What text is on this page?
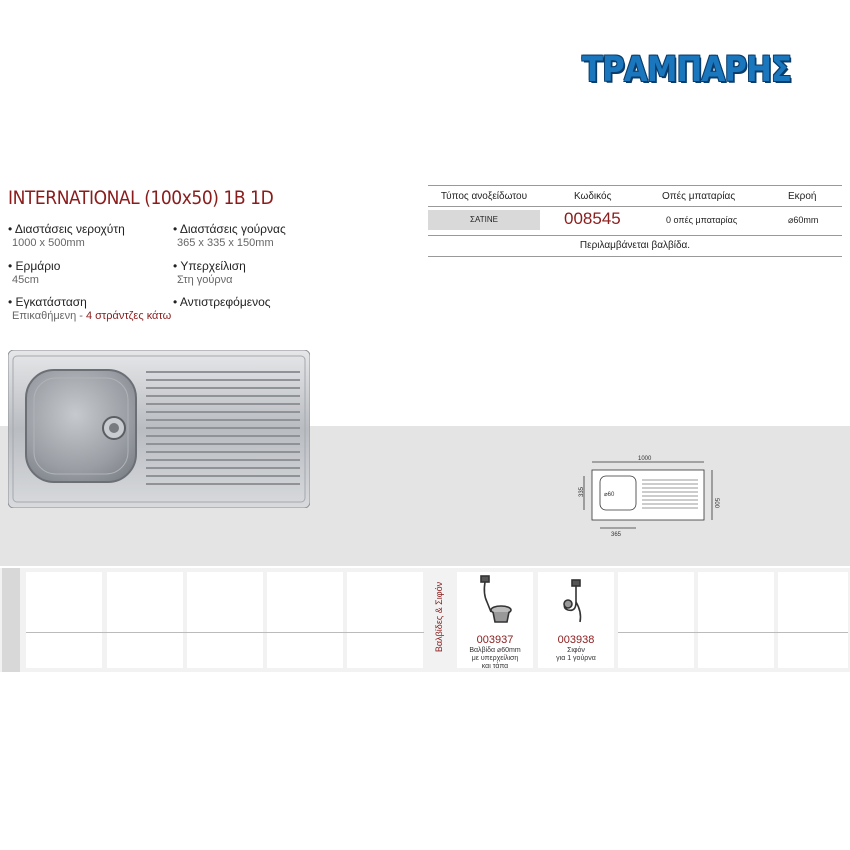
ΤΡΑΜΠΑΡΗΣ
INTERNATIONAL (100x50) 1B 1D
• Διαστάσεις νεροχύτη
1000 x 500mm
• Διαστάσεις γούρνας
365 x 335 x 150mm
• Ερμάριο
45cm
• Υπερχείλιση
Στη γούρνα
• Εγκατάσταση
Επικαθήμενη - 4 στράντζες κάτω
• Αντιστρεφόμενος
Τύπος ανοξείδωτου	Κωδικός	Οπές μπαταρίας	Εκροή
ΣΑΤΙΝΕ	008545	0 οπές μπαταρίας	⌀60mm
Περιλαμβάνεται βαλβίδα.
1000
500
335
365
⌀60
Βαλβίδες & Σιφόν	003937
Βαλβίδα ⌀60mm
με υπερχείλιση
και τάπα
003938
Σιφόν
για 1 γούρνα
